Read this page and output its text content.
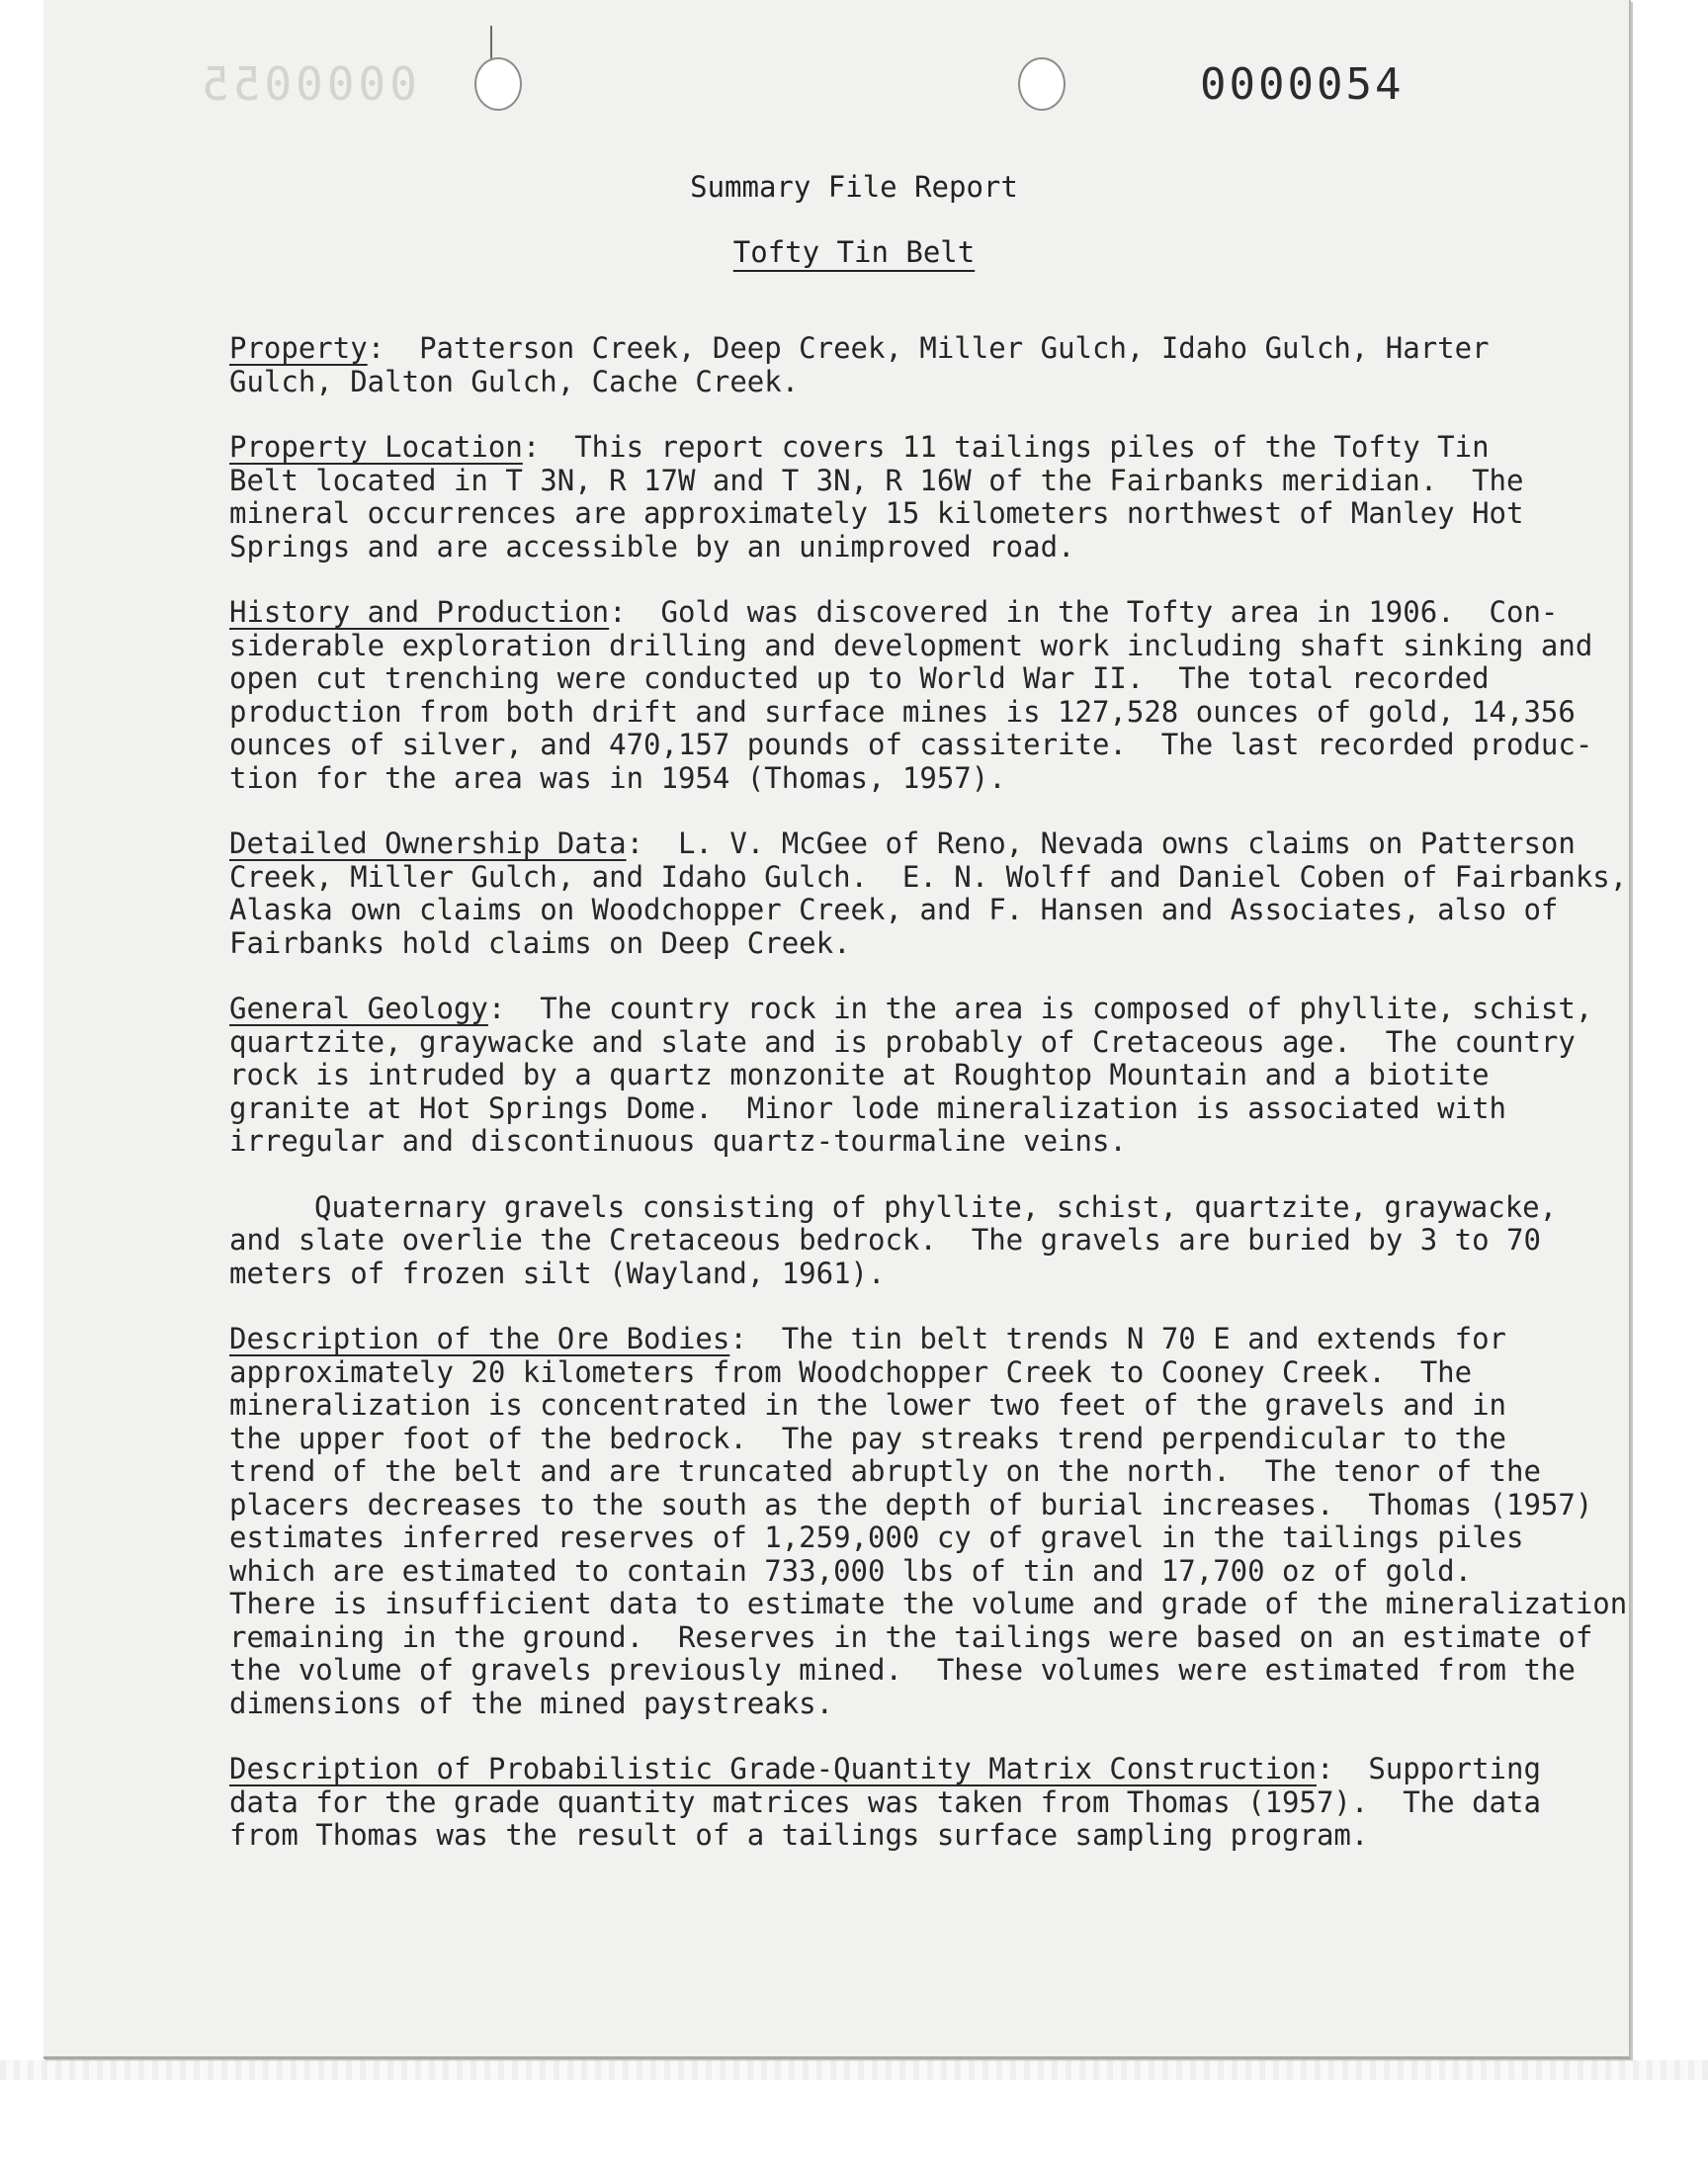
0000055	0000054
Summary File Report
Tofty Tin Belt

Property:  Patterson Creek, Deep Creek, Miller Gulch, Idaho Gulch, Harter
Gulch, Dalton Gulch, Cache Creek.

Property Location:  This report covers 11 tailings piles of the Tofty Tin
Belt located in T 3N, R 17W and T 3N, R 16W of the Fairbanks meridian.  The
mineral occurrences are approximately 15 kilometers northwest of Manley Hot
Springs and are accessible by an unimproved road.

History and Production:  Gold was discovered in the Tofty area in 1906.  Con-
siderable exploration drilling and development work including shaft sinking and
open cut trenching were conducted up to World War II.  The total recorded
production from both drift and surface mines is 127,528 ounces of gold, 14,356
ounces of silver, and 470,157 pounds of cassiterite.  The last recorded produc-
tion for the area was in 1954 (Thomas, 1957).

Detailed Ownership Data:  L. V. McGee of Reno, Nevada owns claims on Patterson
Creek, Miller Gulch, and Idaho Gulch.  E. N. Wolff and Daniel Coben of Fairbanks,
Alaska own claims on Woodchopper Creek, and F. Hansen and Associates, also of
Fairbanks hold claims on Deep Creek.

General Geology:  The country rock in the area is composed of phyllite, schist,
quartzite, graywacke and slate and is probably of Cretaceous age.  The country
rock is intruded by a quartz monzonite at Roughtop Mountain and a biotite
granite at Hot Springs Dome.  Minor lode mineralization is associated with
irregular and discontinuous quartz-tourmaline veins.

Quaternary gravels consisting of phyllite, schist, quartzite, graywacke,
and slate overlie the Cretaceous bedrock.  The gravels are buried by 3 to 70
meters of frozen silt (Wayland, 1961).

Description of the Ore Bodies:  The tin belt trends N 70 E and extends for
approximately 20 kilometers from Woodchopper Creek to Cooney Creek.  The
mineralization is concentrated in the lower two feet of the gravels and in
the upper foot of the bedrock.  The pay streaks trend perpendicular to the
trend of the belt and are truncated abruptly on the north.  The tenor of the
placers decreases to the south as the depth of burial increases.  Thomas (1957)
estimates inferred reserves of 1,259,000 cy of gravel in the tailings piles
which are estimated to contain 733,000 lbs of tin and 17,700 oz of gold.
There is insufficient data to estimate the volume and grade of the mineralization
remaining in the ground.  Reserves in the tailings were based on an estimate of
the volume of gravels previously mined.  These volumes were estimated from the
dimensions of the mined paystreaks.

Description of Probabilistic Grade-Quantity Matrix Construction:  Supporting
data for the grade quantity matrices was taken from Thomas (1957).  The data
from Thomas was the result of a tailings surface sampling program.
